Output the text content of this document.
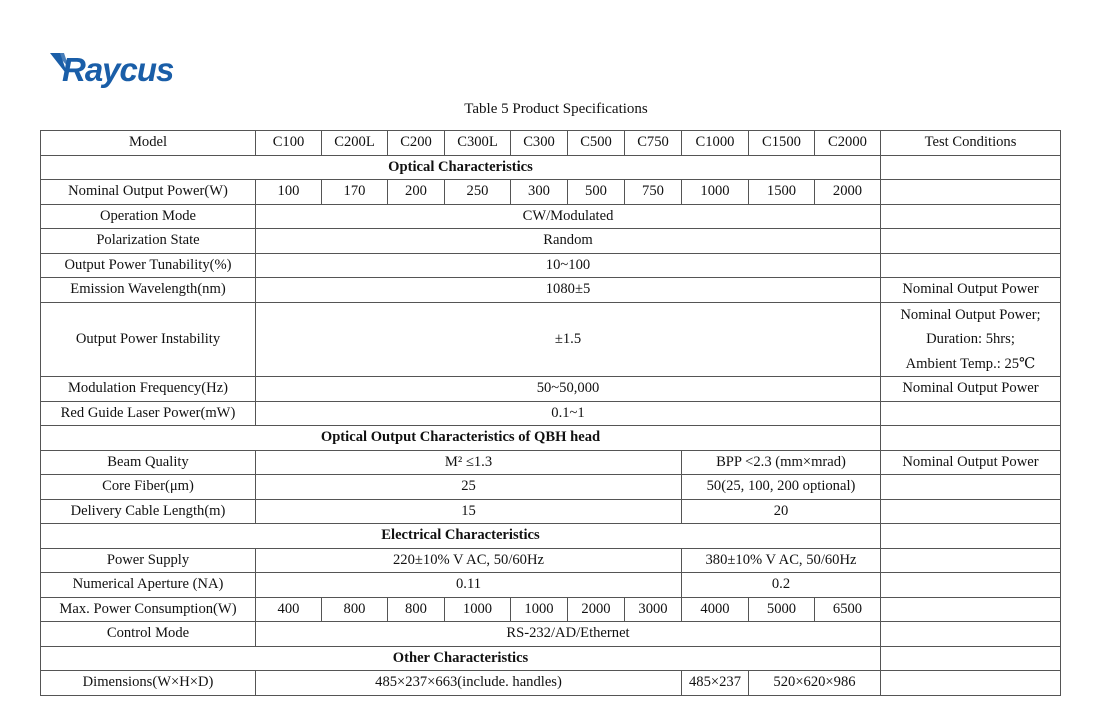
Raycus
Table 5 Product Specifications
Model	C100	C200L	C200	C300L	C300	C500	C750	C1000	C1500	C2000	Test Conditions
Optical Characteristics											
Nominal Output Power(W)	100	170	200	250	300	500	750	1000	1500	2000	
Operation Mode	CW/Modulated										
Polarization State	Random										
Output Power Tunability(%)	10~100										
Emission Wavelength(nm)	1080±5										Nominal Output Power
Output Power Instability	±1.5										Nominal Output Power;
Duration: 5hrs;
Ambient Temp.: 25℃

Modulation Frequency(Hz)	50~50,000										Nominal Output Power
Red Guide Laser Power(mW)	0.1~1										
Optical Output Characteristics of QBH head											
Beam Quality	M² ≤1.3							BPP <2.3 (mm×mrad)			Nominal Output Power
Core Fiber(μm)	25							50(25, 100, 200 optional)			
Delivery Cable Length(m)	15							20			
Electrical Characteristics											
Power Supply	220±10% V AC, 50/60Hz							380±10% V AC, 50/60Hz			
Numerical Aperture (NA)	0.11							0.2			
Max. Power Consumption(W)	400	800	800	1000	1000	2000	3000	4000	5000	6500	
Control Mode	RS-232/AD/Ethernet										
Other Characteristics											
Dimensions(W×H×D)	485×237×663(include. handles)							485×237	520×620×986		
